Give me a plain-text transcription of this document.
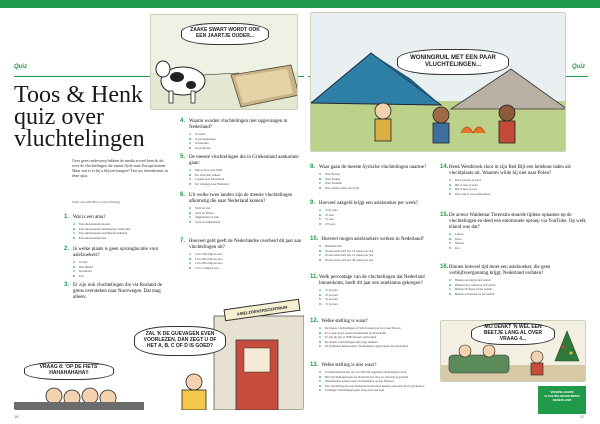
Quiz	Quiz
ZAAKE SWART WORDT OOK EEN JAARTJE OUDER...
Toos & Henk quiz over vluchtelingen
Over geen onderwerp hebben de media zoveel bericht als over de vluchtelingen die vanuit Syrië naar Europa komen. Maar wat is er bij u blijven hangen? Test uw feitenkennis in deze quiz.
Tekst: Ans Mol (Bron: Anton Rozing)
1. Wat is een ama?
A	Een alleenstaande moeder
B	Een alleenstaande minderjarige asielzoeker
C	Een alleenstaande aanvullende uitkering
D	Een alleenstaande man
2. In welke plaats is geen opvanglocatie voor asielzoekers?
A	Zwolle
B	Den Helder
C	Roermond
D	Urk
3. Er zijn ook vluchtelingen die via Rusland de grens oversteken naar Noorwegen. Dat mag
4. Waarin worden vluchtelingen niet opgevangen in Nederland?
A	In tenten
B	In gevangenissen
C	In kazernes
D	In paviljoens
5. De meeste vluchtelingen die in Griekenland aankomen gaan:
A	Met de boot naar Italië
B	Per trein naar Athene
C	Lopend naar Macedonië
D	Per vliegtuig naar Duitsland
6. Uit welke twee landen zijn de meeste vluchtelingen afkomstig die naar Nederland komen?
A	Syrië en Irak
B	Syrië en Eritrea
C	Afghanistan en Irak
D	Syrië en Afghanistan
7. Hoeveel geld geeft de Nederlandse overheid dit jaar aan vluchtelingen uit?
A	Circa 200 miljoen euro
B	Circa 850 miljoen euro
C	Circa 800 miljoen euro
D	Circa 1 miljard euro
ASIELZOEKERSCENTRUM
ZAL 'K DE GUEVAGEN EVEN VOORLEZEN, DAN ZEGT U OF HET A, B, C OF D IS GOED?
VRAAG 8: 'OP DE FIETS' HAHAHAHAHA!!
WONINGRUIL MET EEN PAAR VLUCHTELINGEN...
8. Waar gaan de meeste Syrische vluchtelingen naartoe?
A	Naar Europa
B	Naar Turkije
C	Naar Jordanië
D	Naar andere delen van Syrië
9. Hoeveel zakgeld krijgt een asielzoeker per week?
A	12,95 euro
B	35 euro
C	75 euro
D	135 euro
10. Hoeveel mogen asielzoekers werken in Nederland?
A	Helemaal niet
B	Na het eerste half jaar 24 weken per jaar
C	Na het eerste half jaar 12 weken per jaar
D	Na het eerste half jaar 28 weken per jaar
11. Welk percentage van de vluchtelingen dat Nederland binnenkomt, hoeft dit jaar een asielstatus gekregen?
A	12 procent
B	35 procent
C	52 procent
D	72 procent
12. Welke stelling is waar?
A	De meeste vluchtelingen uit Syrië komen per boot naar Europa
B	Er is geen grens tussen Griekenland en Macedonië
C	Er zijn dit jaar al 3000 mensen verdronken
D	De meeste vluchtelingen zijn jonge mannen
E	De Gülhatten hebben meer vluchtelingen opgevangen dan Nederland
13. Welke stelling is niet waar?
A	In Nederland hebben nu zo'n 100 000 opgeleide vluchtelingen werk
B	Het Vluchtelingenwerk dat Nederland in één jaar ontvangt is gedaald
C	Nederlanders nemen vaker vluchtelingen op dan Duitsers
D	Een vluchteling die naar Nederland komt moet kunnen aantonen dat hij gevlucht is
E	Sommige vluchtelingen gaan terug naar hun land
14. Henk Westbroek sloot in zijn Bed Bijl een helebout laden als vluchtplaats uit. Waarom wilde hij niet naar Polen?
A	Daar gaat het al goed
B	Het is daar te koud
C	Het is heet en vies
D	Daar zijn te veel asielzoekers
15. De acteur Waldemar Torenstra stuurde tijdens opnames op de vluchtelingen en deed een emotionele oproep via YouTube. Op welk eiland was dat?
A	Lesbos
B	Kreta
C	Rhodos
D	Kos
16. Binnen hoeveel tijd moet een asielzoeker, die geen verblijfsvergunning krijgt, Nederland verlaten?
A	Binnen een dag na het besluit
B	Binnen twee weken na het besluit
C	Binnen 28 dagen na het besluit
D	Binnen 2 maanden na het besluit
MIJ DENKT 'N WEL EEN BEETJE LANG AL OVER VRAAG 4...
VRIJWILLIGERS VLUCHTELINGEN WERK NEDERLAND
16	17
